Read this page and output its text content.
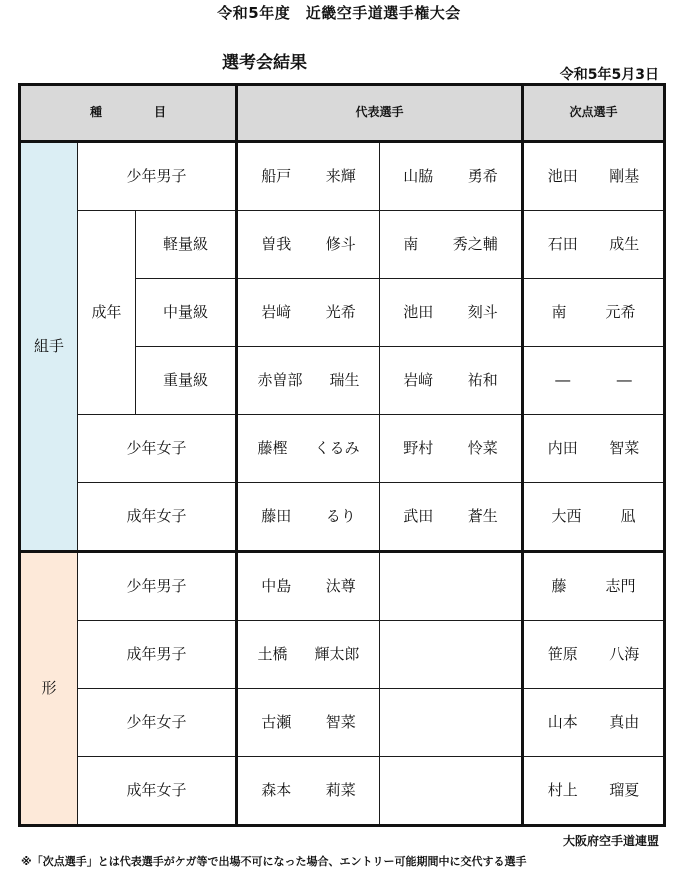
令和5年度　近畿空手道選手権大会
選考会結果
令和5年5月3日
種　目			代表選手		次点選手
組手	少年男子		船戸 来輝	山脇 勇希	池田 剛基

	成年	軽量級	曽我 修斗	南 秀之輔	石田 成生

		中量級	岩﨑 光希	池田 刻斗	南 元希

		重量級	赤曽部 瑞生	岩﨑 祐和	― ―

	少年女子		藤樫 くるみ	野村 怜菜	内田 智菜

	成年女子		藤田 るり	武田 蒼生	大西 凪

形	少年男子		中島 汰尊		藤 志門

	成年男子		土橋 輝太郎		笹原 八海

	少年女子		古瀬 智菜		山本 真由

	成年女子		森本 莉菜		村上 瑠夏
大阪府空手道連盟
※「次点選手」とは代表選手がケガ等で出場不可になった場合、エントリー可能期間中に交代する選手
